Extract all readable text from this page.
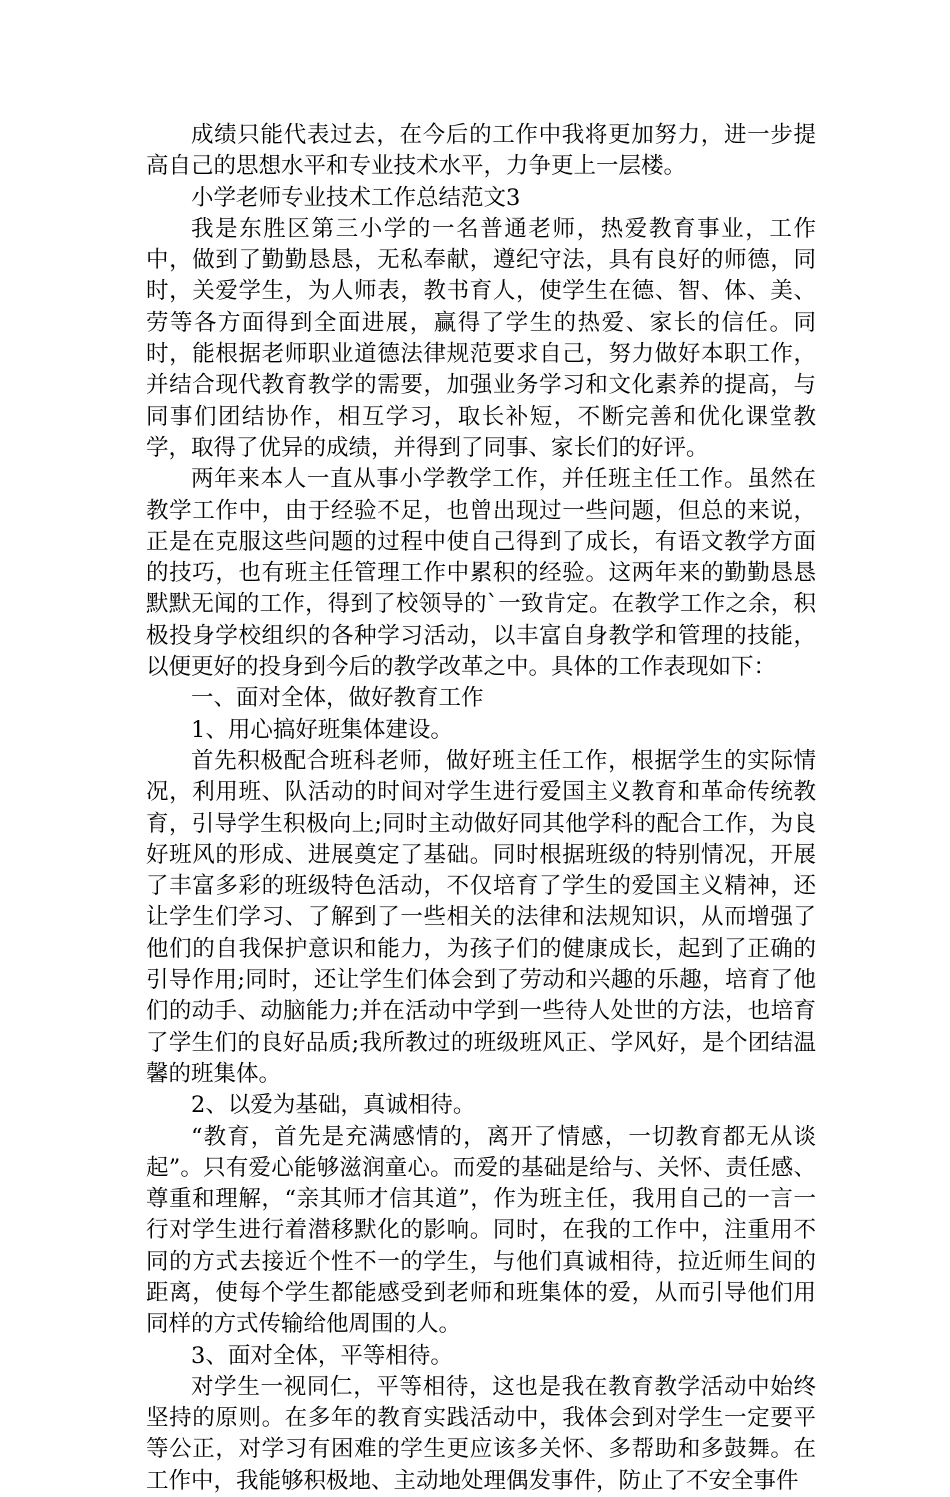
成绩只能代表过去，在今后的工作中我将更加努力，进一步提高自己的思想水平和专业技术水平，力争更上一层楼。

小学老师专业技术工作总结范文3

我是东胜区第三小学的一名普通老师，热爱教育事业，工作中，做到了勤勤恳恳，无私奉献，遵纪守法，具有良好的师德，同时，关爱学生，为人师表，教书育人，使学生在德、智、体、美、劳等各方面得到全面进展，赢得了学生的热爱、家长的信任。同时，能根据老师职业道德法律规范要求自己，努力做好本职工作，并结合现代教育教学的需要，加强业务学习和文化素养的提高，与同事们团结协作，相互学习，取长补短，不断完善和优化课堂教学，取得了优异的成绩，并得到了同事、家长们的好评。

两年来本人一直从事小学教学工作，并任班主任工作。虽然在教学工作中，由于经验不足，也曾出现过一些问题，但总的来说，正是在克服这些问题的过程中使自己得到了成长，有语文教学方面的技巧，也有班主任管理工作中累积的经验。这两年来的勤勤恳恳默默无闻的工作，得到了校领导的`一致肯定。在教学工作之余，积极投身学校组织的各种学习活动，以丰富自身教学和管理的技能，以便更好的投身到今后的教学改革之中。具体的工作表现如下：

一、面对全体，做好教育工作

1、用心搞好班集体建设。

首先积极配合班科老师，做好班主任工作，根据学生的实际情况，利用班、队活动的时间对学生进行爱国主义教育和革命传统教育，引导学生积极向上;同时主动做好同其他学科的配合工作，为良好班风的形成、进展奠定了基础。同时根据班级的特别情况，开展了丰富多彩的班级特色活动，不仅培育了学生的爱国主义精神，还让学生们学习、了解到了一些相关的法律和法规知识，从而增强了他们的自我保护意识和能力，为孩子们的健康成长，起到了正确的引导作用;同时，还让学生们体会到了劳动和兴趣的乐趣，培育了他们的动手、动脑能力;并在活动中学到一些待人处世的方法，也培育了学生们的良好品质;我所教过的班级班风正、学风好，是个团结温馨的班集体。

2、以爱为基础，真诚相待。

“教育，首先是充满感情的，离开了情感，一切教育都无从谈起”。只有爱心能够滋润童心。而爱的基础是给与、关怀、责任感、尊重和理解，“亲其师才信其道”，作为班主任，我用自己的一言一行对学生进行着潜移默化的影响。同时，在我的工作中，注重用不同的方式去接近个性不一的学生，与他们真诚相待，拉近师生间的距离，使每个学生都能感受到老师和班集体的爱，从而引导他们用同样的方式传输给他周围的人。

3、面对全体，平等相待。

对学生一视同仁，平等相待，这也是我在教育教学活动中始终坚持的原则。在多年的教育实践活动中，我体会到对学生一定要平等公正，对学习有困难的学生更应该多关怀、多帮助和多鼓舞。在工作中，我能够积极地、主动地处理偶发事件，防止了不安全事件
